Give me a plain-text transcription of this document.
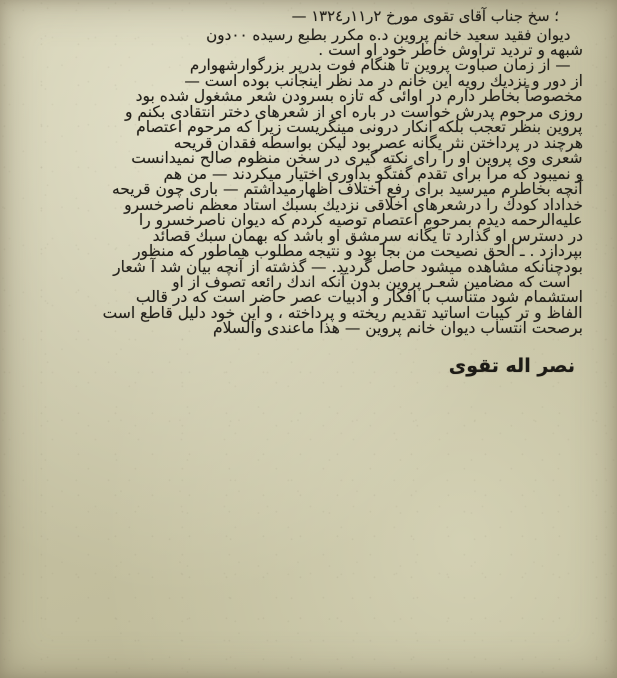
؛ سخ جناب آقای تقوی مورخ ۲ر۱۱ر۱۳۲٤ —
دیوان فقید سعید خانم پروین د.ه مکرر بطبع رسیده ۰۰دون
شبهه و تردید تراوش خاطر خود او است .
— از زمان صباوت پروین تا هنگام فوت بدرپر بزرگوارشهوارم
از دور و نزدیك رویه این خانم در مد نظر اینجانب بوده است —
مخصوصاً بخاطر دارم در اوائی که تازه بسرودن شعر مشغول شده بود
روزی مرحوم پدرش خواست در باره ای از شعرهای دختر انتقادی بکنم و
پروین بنظر تعجب بلکه انکار درونی مینگریست زیرا که مرحوم اعتصام
هرچند در پرداختن نثر یگانه عصر بود لیکن بواسطه فقدان قریحه
شعری وی پروین او را رای نکته گیری در سخن منظوم صالح نمیدانست
و نمیبود که مرا برای تقدم گفتگو بداوری اختیار میکردند — من هم
آنچه بخاطرم میرسید برای رفع اختلاف اظهارمیداشتم — باری چون قریحه
خداداد کودك را درشعرهای اخلاقی نزدیك بسبك استاد معظم ناصرخسرو
علیه‌الرحمه دیدم بمرحوم اعتصام توصیه کردم که دیوان ناصرخسرو را
در دسترس او گذارد تا یگانه سرمشق او باشد که بهمان سبك قصائد
بپردازد . ـ الحق نصیحت من بجا بود و نتیجه مطلوب هماطور که منظور
بودچنانکه مشاهده میشود حاصل گردید. — گذشته از آنچه بیان شد آ شعار
است که مضامین شعـر پروین بدون آنکه اندك رائعه تصوف از او
استشمام شود متناسب با افکار و ادبیات عصر حاضر است که در قالب
الفاظ و تر کیبات اساتید تقدیم ریخته و پرداخته ، و این خود دلیل قاطع است
برصحت انتساب دیوان خانم پروین — هذا ماعندی والسلام
نصر اله تقوی
